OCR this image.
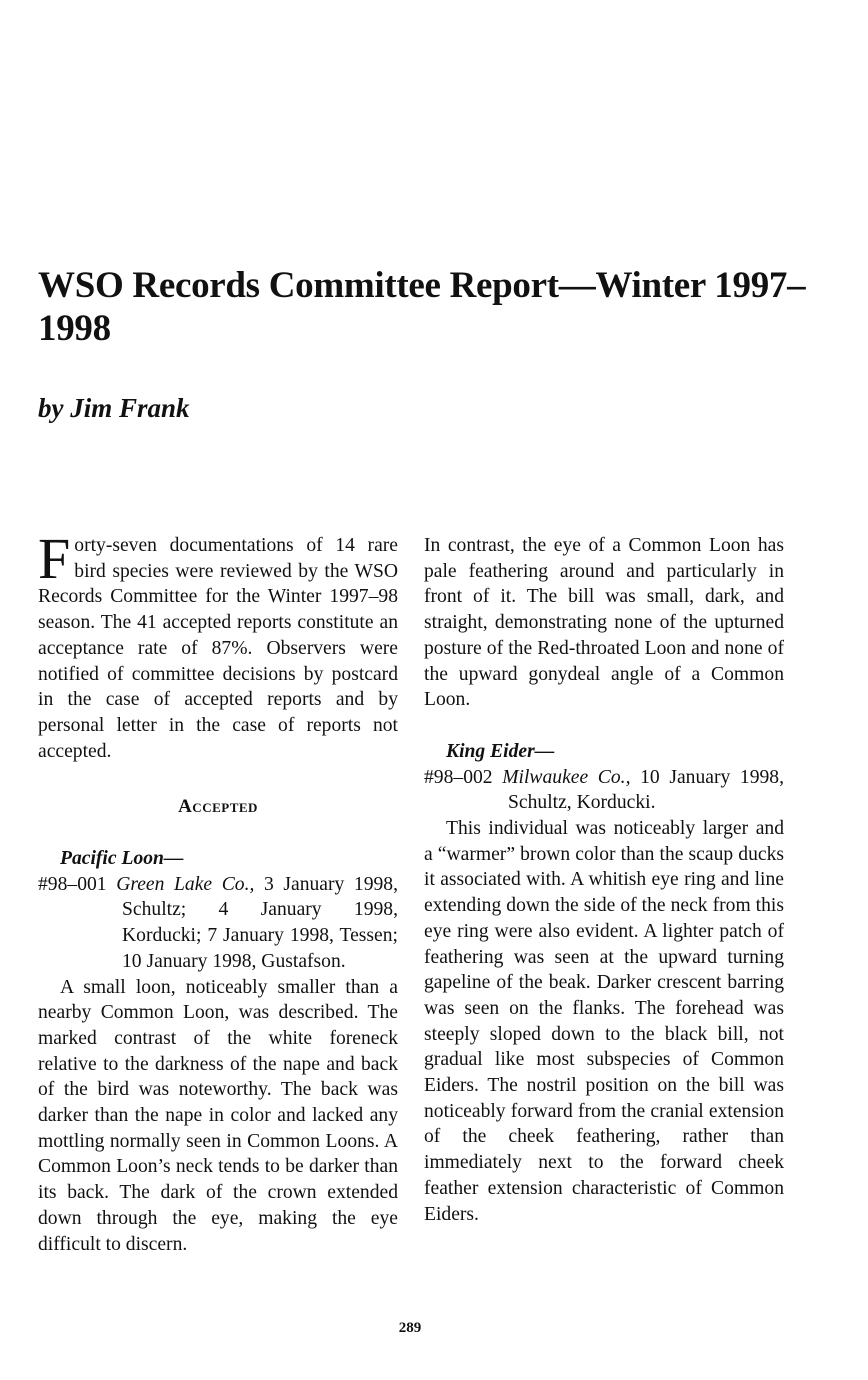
WSO Records Committee Report—Winter 1997–1998
by Jim Frank

Forty-seven documentations of 14 rare bird species were reviewed by the WSO Records Committee for the Winter 1997–98 season. The 41 accepted reports constitute an acceptance rate of 87%. Observers were notified of committee decisions by postcard in the case of accepted reports and by personal letter in the case of reports not accepted.

Accepted

Pacific Loon—

#98–001 Green Lake Co., 3 January 1998, Schultz; 4 January 1998, Korducki; 7 January 1998, Tessen; 10 January 1998, Gustafson.

A small loon, noticeably smaller than a nearby Common Loon, was described. The marked contrast of the white foreneck relative to the darkness of the nape and back of the bird was noteworthy. The back was darker than the nape in color and lacked any mottling normally seen in Common Loons. A Common Loon’s neck tends to be darker than its back. The dark of the crown extended down through the eye, making the eye difficult to discern.

In contrast, the eye of a Common Loon has pale feathering around and particularly in front of it. The bill was small, dark, and straight, demonstrating none of the upturned posture of the Red-throated Loon and none of the upward gonydeal angle of a Common Loon.

King Eider—

#98–002 Milwaukee Co., 10 January 1998, Schultz, Korducki.

This individual was noticeably larger and a “warmer” brown color than the scaup ducks it associated with. A whitish eye ring and line extending down the side of the neck from this eye ring were also evident. A lighter patch of feathering was seen at the upward turning gapeline of the beak. Darker crescent barring was seen on the flanks. The forehead was steeply sloped down to the black bill, not gradual like most subspecies of Common Eiders. The nostril position on the bill was noticeably forward from the cranial extension of the cheek feathering, rather than immediately next to the forward cheek feather extension characteristic of Common Eiders.

289
